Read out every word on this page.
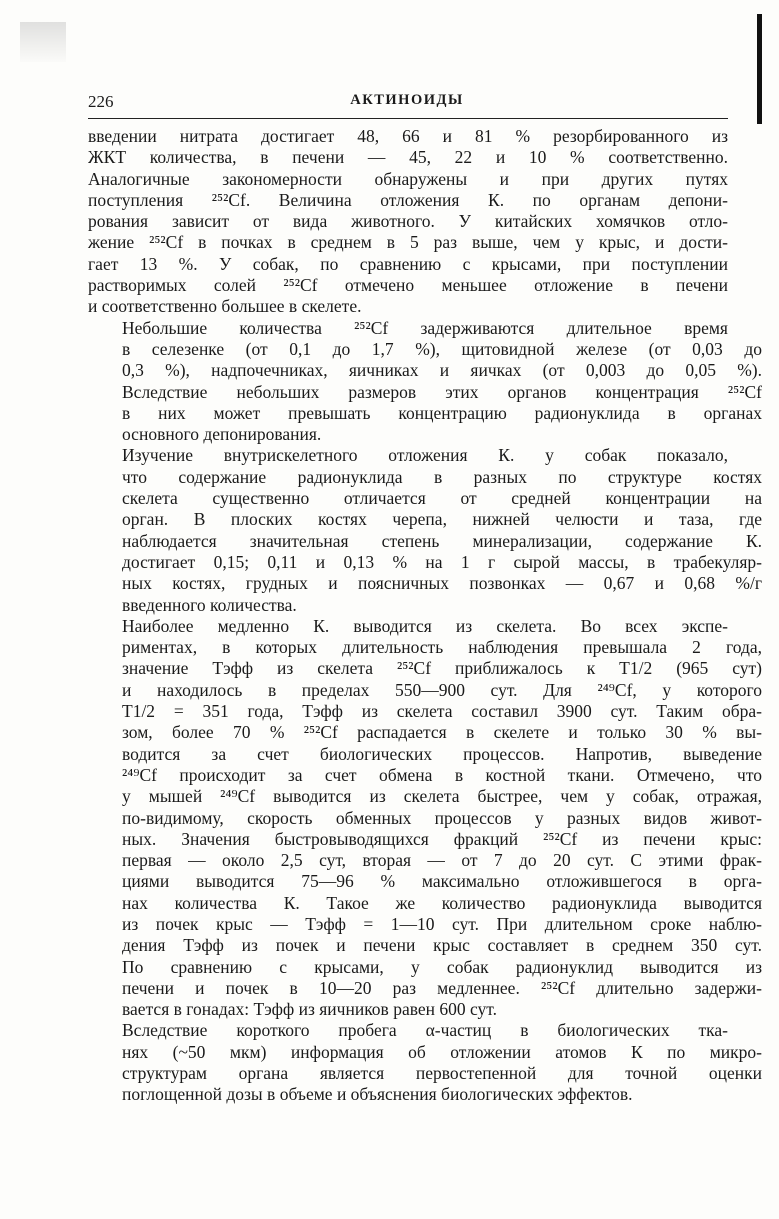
226	АКТИНОИДЫ

введении нитрата достигает 48, 66 и 81 % резорбированного из
ЖКТ количества, в печени — 45, 22 и 10 % соответственно.
Аналогичные закономерности обнаружены и при других путях
поступления ²⁵²Cf. Величина отложения К. по органам депони-
рования зависит от вида животного. У китайских хомячков отло-
жение ²⁵²Cf в почках в среднем в 5 раз выше, чем у крыс, и дости-
гает 13 %. У собак, по сравнению с крысами, при поступлении
растворимых солей ²⁵²Cf отмечено меньшее отложение в печени
и соответственно большее в скелете.

Небольшие количества ²⁵²Cf задерживаются длительное время
в селезенке (от 0,1 до 1,7 %), щитовидной железе (от 0,03 до
0,3 %), надпочечниках, яичниках и яичках (от 0,003 до 0,05 %).
Вследствие небольших размеров этих органов концентрация ²⁵²Cf
в них может превышать концентрацию радионуклида в органах
основного депонирования.

Изучение внутрискелетного отложения К. у собак показало,
что содержание радионуклида в разных по структуре костях
скелета существенно отличается от средней концентрации на
орган. В плоских костях черепа, нижней челюсти и таза, где
наблюдается значительная степень минерализации, содержание К.
достигает 0,15; 0,11 и 0,13 % на 1 г сырой массы, в трабекуляр-
ных костях, грудных и поясничных позвонках — 0,67 и 0,68 %/г
введенного количества.

Наиболее медленно К. выводится из скелета. Во всех экспе-
риментах, в которых длительность наблюдения превышала 2 года,
значение Tэфф из скелета ²⁵²Cf приближалось к T1/2 (965 сут)
и находилось в пределах 550—900 сут. Для ²⁴⁹Cf, у которого
T1/2 = 351 года, Tэфф из скелета составил 3900 сут. Таким обра-
зом, более 70 % ²⁵²Cf распадается в скелете и только 30 % вы-
водится за счет биологических процессов. Напротив, выведение
²⁴⁹Cf происходит за счет обмена в костной ткани. Отмечено, что
у мышей ²⁴⁹Cf выводится из скелета быстрее, чем у собак, отражая,
по-видимому, скорость обменных процессов у разных видов живот-
ных. Значения быстровыводящихся фракций ²⁵²Cf из печени крыс:
первая — около 2,5 сут, вторая — от 7 до 20 сут. С этими фрак-
циями выводится 75—96 % максимально отложившегося в орга-
нах количества К. Такое же количество радионуклида выводится
из почек крыс — Tэфф = 1—10 сут. При длительном сроке наблю-
дения Tэфф из почек и печени крыс составляет в среднем 350 сут.
По сравнению с крысами, у собак радионуклид выводится из
печени и почек в 10—20 раз медленнее. ²⁵²Cf длительно задержи-
вается в гонадах: Tэфф из яичников равен 600 сут.

Вследствие короткого пробега α-частиц в биологических тка-
нях (~50 мкм) информация об отложении атомов К по микро-
структурам органа является первостепенной для точной оценки
поглощенной дозы в объеме и объяснения биологических эффектов.
